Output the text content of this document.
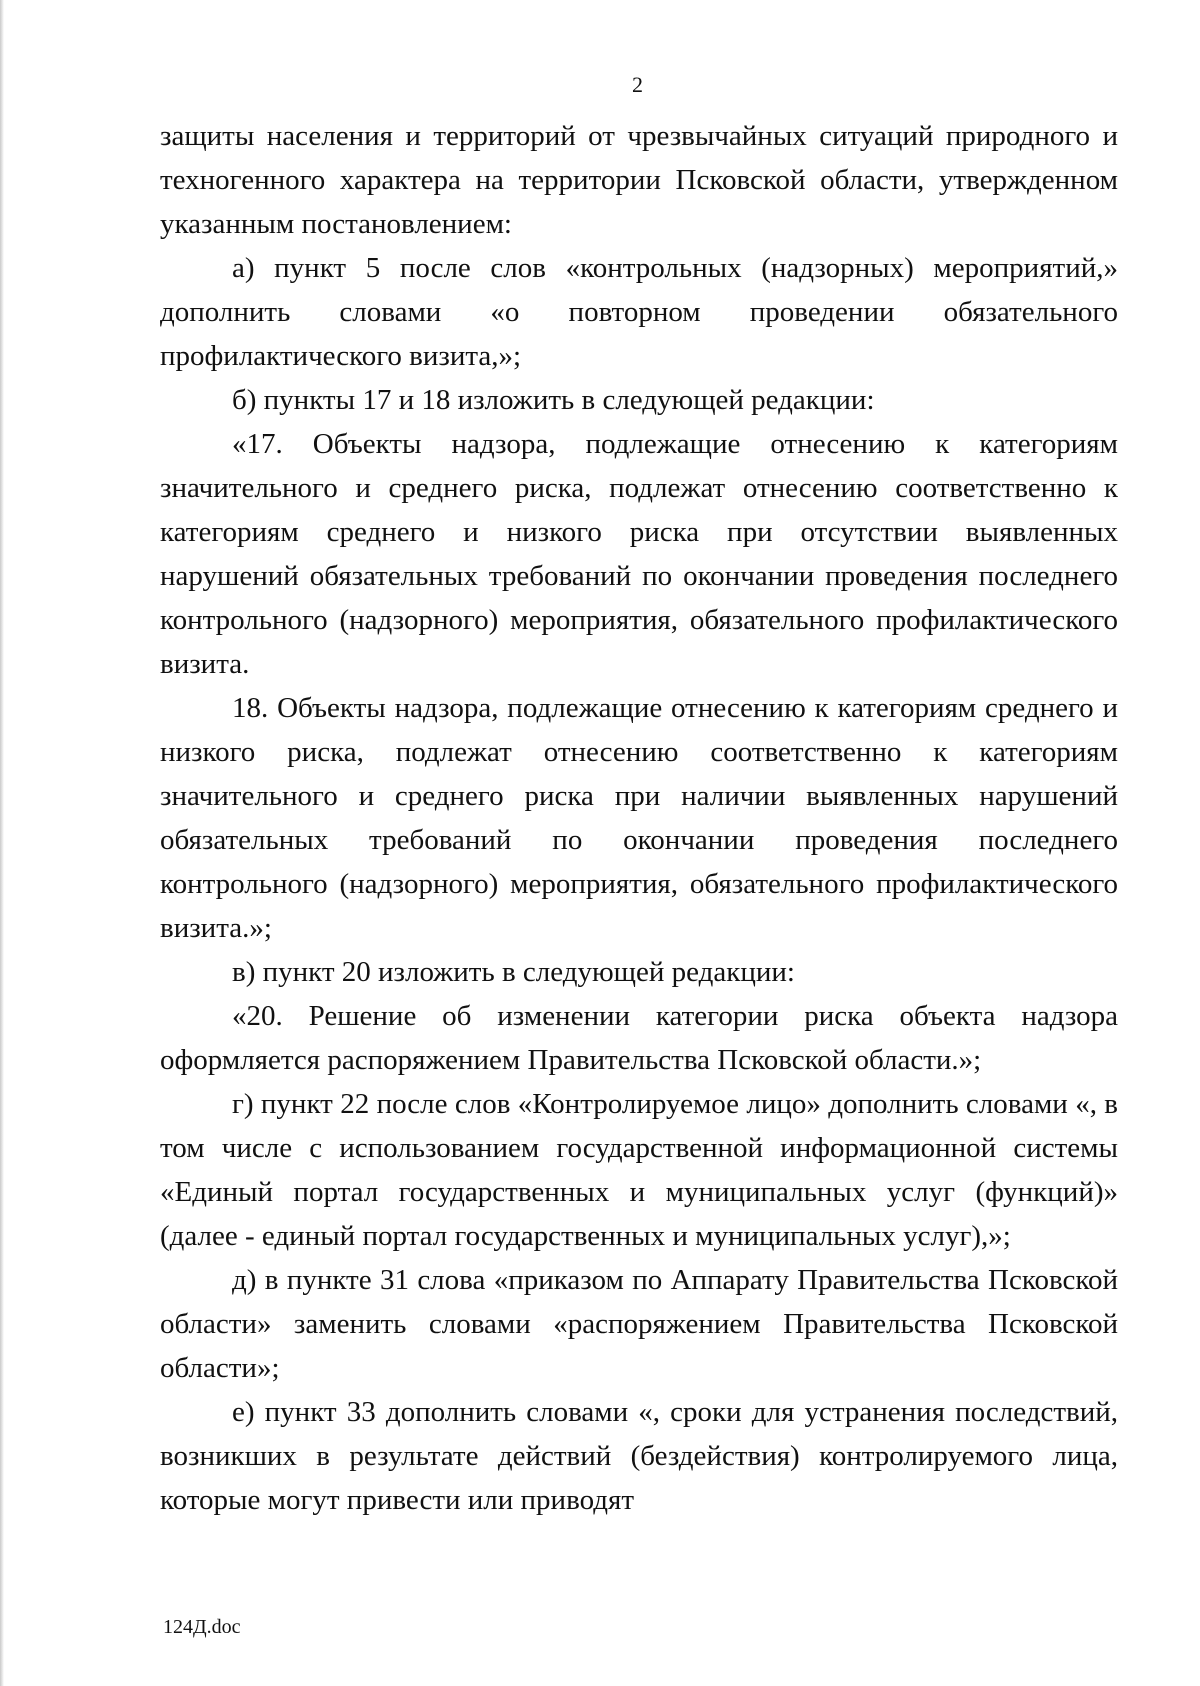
2

защиты населения и территорий от чрезвычайных ситуаций природного и техногенного характера на территории Псковской области, утвержденном указанным постановлением:

а) пункт 5 после слов «контрольных (надзорных) мероприятий,» дополнить словами «о повторном проведении обязательного профилактического визита,»;

б) пункты 17 и 18 изложить в следующей редакции:

«17. Объекты надзора, подлежащие отнесению к категориям значительного и среднего риска, подлежат отнесению соответственно к категориям среднего и низкого риска при отсутствии выявленных нарушений обязательных требований по окончании проведения последнего контрольного (надзорного) мероприятия, обязательного профилактического визита.

18. Объекты надзора, подлежащие отнесению к категориям среднего и низкого риска, подлежат отнесению соответственно к категориям значительного и среднего риска при наличии выявленных нарушений обязательных требований по окончании проведения последнего контрольного (надзорного) мероприятия, обязательного профилактического визита.»;

в) пункт 20 изложить в следующей редакции:

«20. Решение об изменении категории риска объекта надзора оформляется распоряжением Правительства Псковской области.»;

г) пункт 22 после слов «Контролируемое лицо» дополнить словами «, в том числе с использованием государственной информационной системы «Единый портал государственных и муниципальных услуг (функций)» (далее - единый портал государственных и муниципальных услуг),»;

д) в пункте 31 слова «приказом по Аппарату Правительства Псковской области» заменить словами «распоряжением Правительства Псковской области»;

е) пункт 33 дополнить словами «, сроки для устранения последствий, возникших в результате действий (бездействия) контролируемого лица, которые могут привести или приводят

124Д.doc
